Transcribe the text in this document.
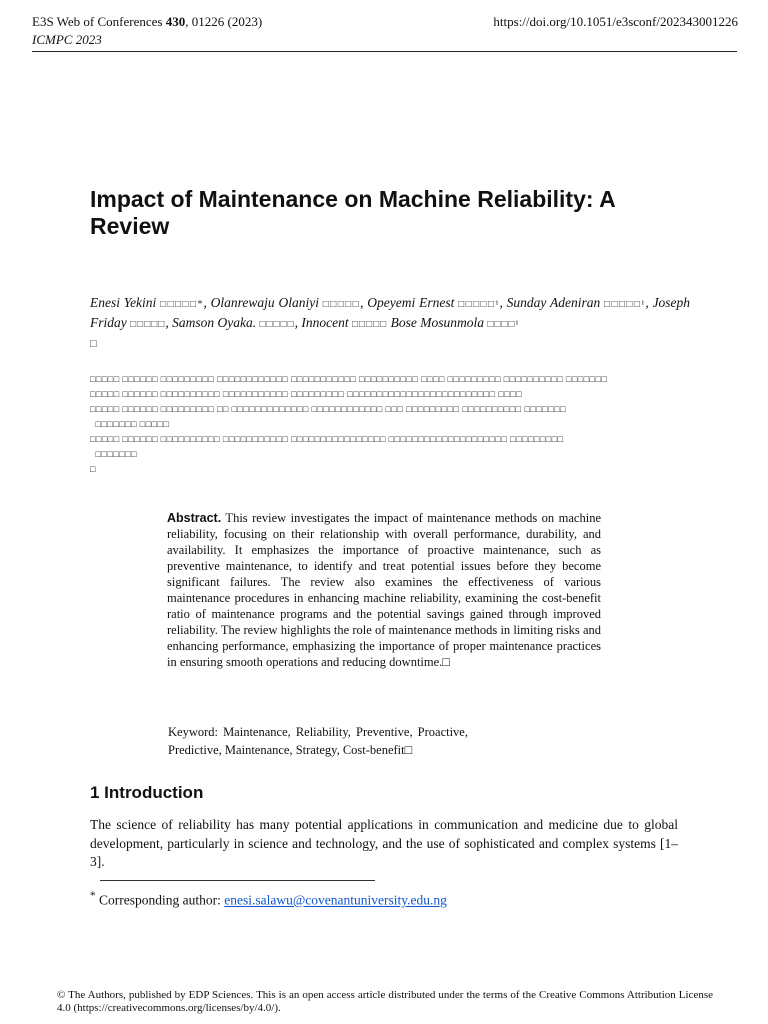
E3S Web of Conferences 430, 01226 (2023)
ICMPC 2023
https://doi.org/10.1051/e3sconf/202343001226
Impact of Maintenance on Machine Reliability: A Review
Enesi Yekini □□□□□*, Olanrewaju Olaniyi □□□□□, Opeyemi Ernest □□□□□¹, Sunday Adeniran □□□□□¹, Joseph Friday □□□□□, Samson Oyaka. □□□□□, Innocent □□□□□ Bose Mosunmola □□□□¹
□
□□□□□ □□□□□□ □□□□□□□□□ □□□□□□□□□□□□ □□□□□□□□□□□ □□□□□□□□□□ □□□□ □□□□□□□□□ □□□□□□□□□□ □□□□□□□
□□□□□ □□□□□□ □□□□□□□□□□ □□□□□□□□□□□ □□□□□□□□□ □□□□□□□□□□□□□□□□□□□□□□□□□ □□□□
□□□□□ □□□□□□ □□□□□□□□□ □□ □□□□□□□□□□□□□ □□□□□□□□□□□□ □□□ □□□□□□□□□ □□□□□□□□□□ □□□□□□□
□□□□□□□ □□□□□
□□□□□ □□□□□□ □□□□□□□□□□ □□□□□□□□□□□ □□□□□□□□□□□□□□□□ □□□□□□□□□□□□□□□□□□□□ □□□□□□□□□
□□□□□□□
□
Abstract. This review investigates the impact of maintenance methods on machine reliability, focusing on their relationship with overall performance, durability, and availability. It emphasizes the importance of proactive maintenance, such as preventive maintenance, to identify and treat potential issues before they become significant failures. The review also examines the effectiveness of various maintenance procedures in enhancing machine reliability, examining the cost-benefit ratio of maintenance programs and the potential savings gained through improved reliability. The review highlights the role of maintenance methods in limiting risks and enhancing performance, emphasizing the importance of proper maintenance practices in ensuring smooth operations and reducing downtime.□
Keyword: Maintenance, Reliability, Preventive, Proactive, Predictive, Maintenance, Strategy, Cost-benefit□
1 Introduction
The science of reliability has many potential applications in communication and medicine due to global development, particularly in science and technology, and the use of sophisticated and complex systems [1–3].
* Corresponding author: enesi.salawu@covenantuniversity.edu.ng
© The Authors, published by EDP Sciences. This is an open access article distributed under the terms of the Creative Commons Attribution License 4.0 (https://creativecommons.org/licenses/by/4.0/).
